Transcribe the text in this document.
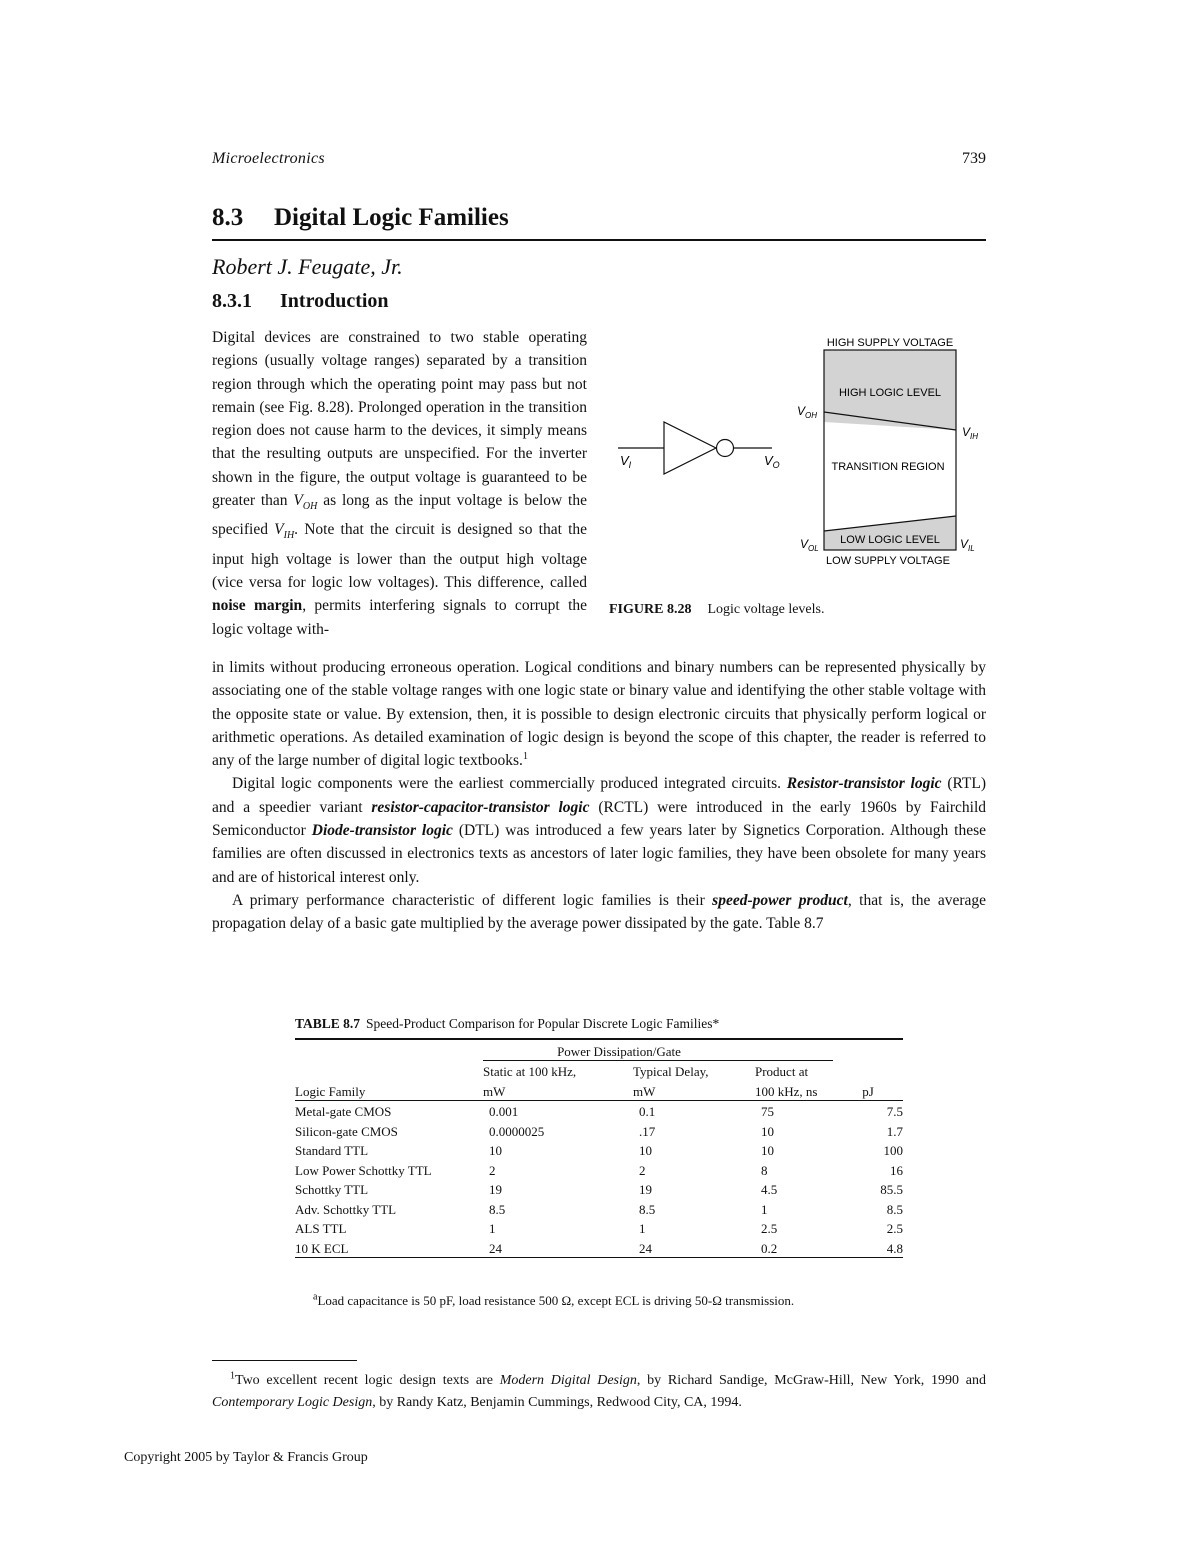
Microelectronics	739
8.3 Digital Logic Families
Robert J. Feugate, Jr.
8.3.1 Introduction

Digital devices are constrained to two stable operating regions (usually voltage ranges) separated by a transition region through which the operating point may pass but not remain (see Fig. 8.28). Prolonged operation in the transition region does not cause harm to the devices, it simply means that the resulting outputs are unspecified. For the inverter shown in the figure, the output voltage is guaranteed to be greater than $V_{OH}$ as long as the input voltage is below the specified $V_{IH}$. Note that the circuit is designed so that the input high voltage is lower than the output high voltage (vice versa for logic low voltages). This difference, called noise margin, permits interfering signals to corrupt the logic voltage with-

$V_I$	$V_O$
HIGH SUPPLY VOLTAGE
HIGH LOGIC LEVEL
TRANSITION REGION
LOW LOGIC LEVEL
LOW SUPPLY VOLTAGE
$V_{OH}$
$V_{IH}$
$V_{OL}$	$V_{IL}$
FIGURE 8.28 Logic voltage levels.

in limits without producing erroneous operation. Logical conditions and binary numbers can be represented physically by associating one of the stable voltage ranges with one logic state or binary value and identifying the other stable voltage with the opposite state or value. By extension, then, it is possible to design electronic circuits that physically perform logical or arithmetic operations. As detailed examination of logic design is beyond the scope of this chapter, the reader is referred to any of the large number of digital logic textbooks.$^1$

Digital logic components were the earliest commercially produced integrated circuits. Resistor-transistor logic (RTL) and a speedier variant resistor-capacitor-transistor logic (RCTL) were introduced in the early 1960s by Fairchild Semiconductor Diode-transistor logic (DTL) was introduced a few years later by Signetics Corporation. Although these families are often discussed in electronics texts as ancestors of later logic families, they have been obsolete for many years and are of historical interest only.

A primary performance characteristic of different logic families is their speed-power product, that is, the average propagation delay of a basic gate multiplied by the average power dissipated by the gate. Table 8.7

TABLE 8.7 Speed-Product Comparison for Popular Discrete Logic Families*
	Power Dissipation/Gate			
	Static at 100 kHz,	Typical Delay,	Product at	
Logic Family	mW	mW	100 kHz, ns	pJ
Metal-gate CMOS	0.001	0.1	75	7.5
Silicon-gate CMOS	0.0000025	.17	10	1.7
Standard TTL	10	10	10	100
Low Power Schottky TTL	2	2	8	16
Schottky TTL	19	19	4.5	85.5
Adv. Schottky TTL	8.5	8.5	1	8.5
ALS TTL	1	1	2.5	2.5
10 K ECL	24	24	0.2	4.8
$^a$Load capacitance is 50 pF, load resistance 500 Ω, except ECL is driving 50-Ω transmission.

$^1$Two excellent recent logic design texts are Modern Digital Design, by Richard Sandige, McGraw-Hill, New York, 1990 and Contemporary Logic Design, by Randy Katz, Benjamin Cummings, Redwood City, CA, 1994.

Copyright 2005 by Taylor & Francis Group
